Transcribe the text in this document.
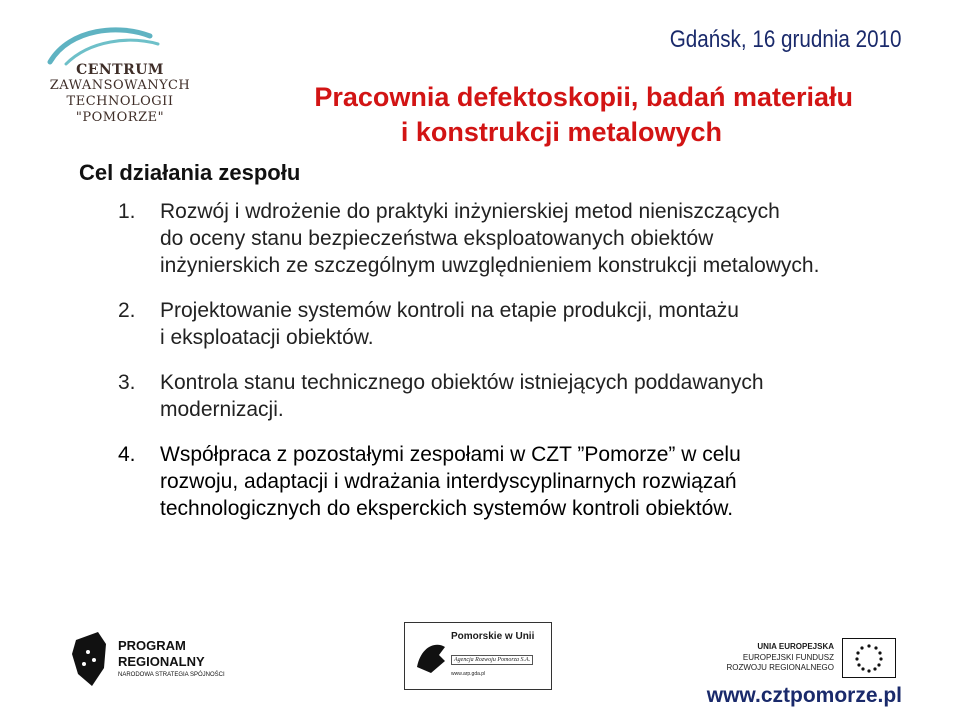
CENTRUM
ZAWANSOWANYCH
TECHNOLOGII
"POMORZE"
Gdańsk, 16 grudnia 2010
Pracownia defektoskopii, badań materiału
i konstrukcji metalowych
Cel działania zespołu
1.	Rozwój i wdrożenie do praktyki inżynierskiej metod nieniszczących
do oceny stanu bezpieczeństwa eksploatowanych obiektów
inżynierskich ze szczególnym uwzględnieniem konstrukcji metalowych.
2.	Projektowanie systemów kontroli na etapie produkcji, montażu
i eksploatacji obiektów.
3.	Kontrola stanu technicznego obiektów istniejących poddawanych
modernizacji.
4.	Współpraca z pozostałymi zespołami w CZT ”Pomorze” w celu
rozwoju, adaptacji i wdrażania interdyscyplinarnych rozwiązań
technologicznych do eksperckich systemów kontroli obiektów.
PROGRAM
REGIONALNY
NARODOWA STRATEGIA SPÓJNOŚCI
Pomorskie w Unii
Agencja Rozwoju Pomorza S.A.
www.arp.gda.pl
UNIA EUROPEJSKA
EUROPEJSKI FUNDUSZ
ROZWOJU REGIONALNEGO
www.cztpomorze.pl
